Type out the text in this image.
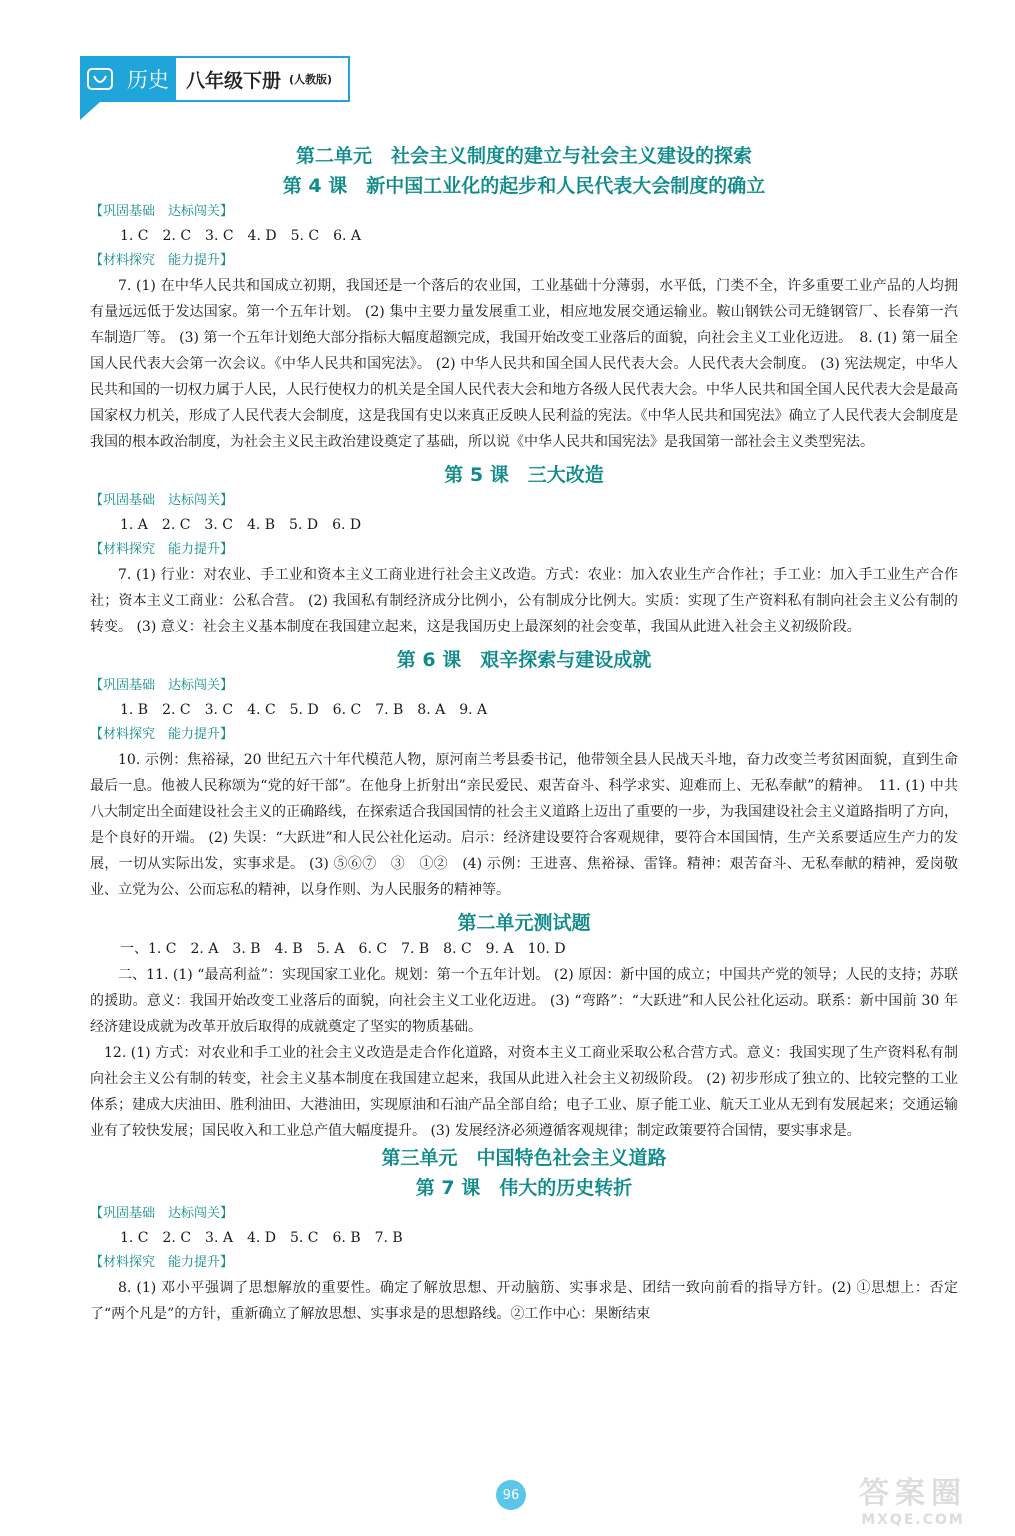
历史 八年级下册 (人教版)
第二单元　社会主义制度的建立与社会主义建设的探索
第 4 课　新中国工业化的起步和人民代表大会制度的确立
【巩固基础　达标闯关】
1. C　2. C　3. C　4. D　5. C　6. A
【材料探究　能力提升】

7. (1) 在中华人民共和国成立初期，我国还是一个落后的农业国，工业基础十分薄弱，水平低，门类不全，许多重要工业产品的人均拥有量远远低于发达国家。第一个五年计划。 (2) 集中主要力量发展重工业，相应地发展交通运输业。鞍山钢铁公司无缝钢管厂、长春第一汽车制造厂等。 (3) 第一个五年计划绝大部分指标大幅度超额完成，我国开始改变工业落后的面貌，向社会主义工业化迈进。　8. (1) 第一届全国人民代表大会第一次会议。《中华人民共和国宪法》。 (2) 中华人民共和国全国人民代表大会。人民代表大会制度。 (3) 宪法规定，中华人民共和国的一切权力属于人民，人民行使权力的机关是全国人民代表大会和地方各级人民代表大会。中华人民共和国全国人民代表大会是最高国家权力机关，形成了人民代表大会制度，这是我国有史以来真正反映人民利益的宪法。《中华人民共和国宪法》确立了人民代表大会制度是我国的根本政治制度，为社会主义民主政治建设奠定了基础，所以说《中华人民共和国宪法》是我国第一部社会主义类型宪法。

第 5 课　三大改造
【巩固基础　达标闯关】
1. A　2. C　3. C　4. B　5. D　6. D
【材料探究　能力提升】

7. (1) 行业：对农业、手工业和资本主义工商业进行社会主义改造。方式：农业：加入农业生产合作社；手工业：加入手工业生产合作社；资本主义工商业：公私合营。 (2) 我国私有制经济成分比例小，公有制成分比例大。实质：实现了生产资料私有制向社会主义公有制的转变。 (3) 意义：社会主义基本制度在我国建立起来，这是我国历史上最深刻的社会变革，我国从此进入社会主义初级阶段。

第 6 课　艰辛探索与建设成就
【巩固基础　达标闯关】
1. B　2. C　3. C　4. C　5. D　6. C　7. B　8. A　9. A
【材料探究　能力提升】

10. 示例：焦裕禄，20 世纪五六十年代模范人物，原河南兰考县委书记，他带领全县人民战天斗地，奋力改变兰考贫困面貌，直到生命最后一息。他被人民称颂为“党的好干部”。在他身上折射出“亲民爱民、艰苦奋斗、科学求实、迎难而上、无私奉献”的精神。　11. (1) 中共八大制定出全面建设社会主义的正确路线，在探索适合我国国情的社会主义道路上迈出了重要的一步，为我国建设社会主义道路指明了方向，是个良好的开端。 (2) 失误：“大跃进”和人民公社化运动。启示：经济建设要符合客观规律，要符合本国国情，生产关系要适应生产力的发展，一切从实际出发，实事求是。 (3) ⑤⑥⑦　③　①②　(4) 示例：王进喜、焦裕禄、雷锋。精神：艰苦奋斗、无私奉献的精神，爱岗敬业、立党为公、公而忘私的精神，以身作则、为人民服务的精神等。

第二单元测试题
一、1. C　2. A　3. B　4. B　5. A　6. C　7. B　8. C　9. A　10. D

二、11. (1) “最高利益”：实现国家工业化。规划：第一个五年计划。 (2) 原因：新中国的成立；中国共产党的领导；人民的支持；苏联的援助。意义：我国开始改变工业落后的面貌，向社会主义工业化迈进。 (3) “弯路”：“大跃进”和人民公社化运动。联系：新中国前 30 年经济建设成就为改革开放后取得的成就奠定了坚实的物质基础。

12. (1) 方式：对农业和手工业的社会主义改造是走合作化道路，对资本主义工商业采取公私合营方式。意义：我国实现了生产资料私有制向社会主义公有制的转变，社会主义基本制度在我国建立起来，我国从此进入社会主义初级阶段。 (2) 初步形成了独立的、比较完整的工业体系；建成大庆油田、胜利油田、大港油田，实现原油和石油产品全部自给；电子工业、原子能工业、航天工业从无到有发展起来；交通运输业有了较快发展；国民收入和工业总产值大幅度提升。 (3) 发展经济必须遵循客观规律；制定政策要符合国情，要实事求是。

第三单元　中国特色社会主义道路
第 7 课　伟大的历史转折
【巩固基础　达标闯关】
1. C　2. C　3. A　4. D　5. C　6. B　7. B
【材料探究　能力提升】

8. (1) 邓小平强调了思想解放的重要性。确定了解放思想、开动脑筋、实事求是、团结一致向前看的指导方针。(2) ①思想上：否定了“两个凡是”的方针，重新确立了解放思想、实事求是的思想路线。②工作中心：果断结束

96	答案圈
MXQE.COM
